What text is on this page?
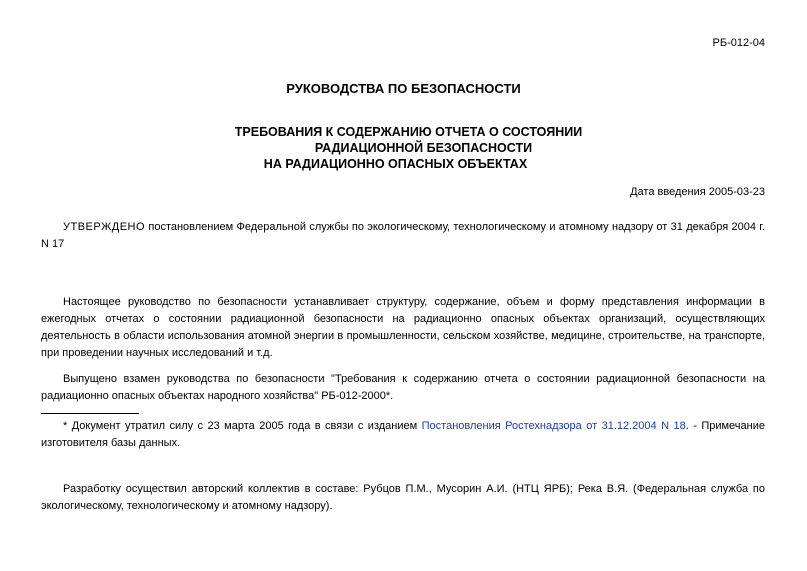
РБ-012-04
РУКОВОДСТВА ПО БЕЗОПАСНОСТИ
ТРЕБОВАНИЯ К СОДЕРЖАНИЮ ОТЧЕТА О СОСТОЯНИИ
РАДИАЦИОННОЙ БЕЗОПАСНОСТИ
НА РАДИАЦИОННО ОПАСНЫХ ОБЪЕКТАХ
Дата введения 2005-03-23
УТВЕРЖДЕНО постановлением Федеральной службы по экологическому, технологическому и атомному надзору от 31 декабря 2004 г. N 17
Настоящее руководство по безопасности устанавливает структуру, содержание, объем и форму представления информации в ежегодных отчетах о состоянии радиационной безопасности на радиационно опасных объектах организаций, осуществляющих деятельность в области использования атомной энергии в промышленности, сельском хозяйстве, медицине, строительстве, на транспорте, при проведении научных исследований и т.д.
Выпущено взамен руководства по безопасности "Требования к содержанию отчета о состоянии радиационной безопасности на радиационно опасных объектах народного хозяйства" РБ-012-2000*.
* Документ утратил силу с 23 марта 2005 года в связи с изданием Постановления Ростехнадзора от 31.12.2004 N 18. - Примечание изготовителя базы данных.
Разработку осуществил авторский коллектив в составе: Рубцов П.М., Мусорин А.И. (НТЦ ЯРБ); Река В.Я. (Федеральная служба по экологическому, технологическому и атомному надзору).
